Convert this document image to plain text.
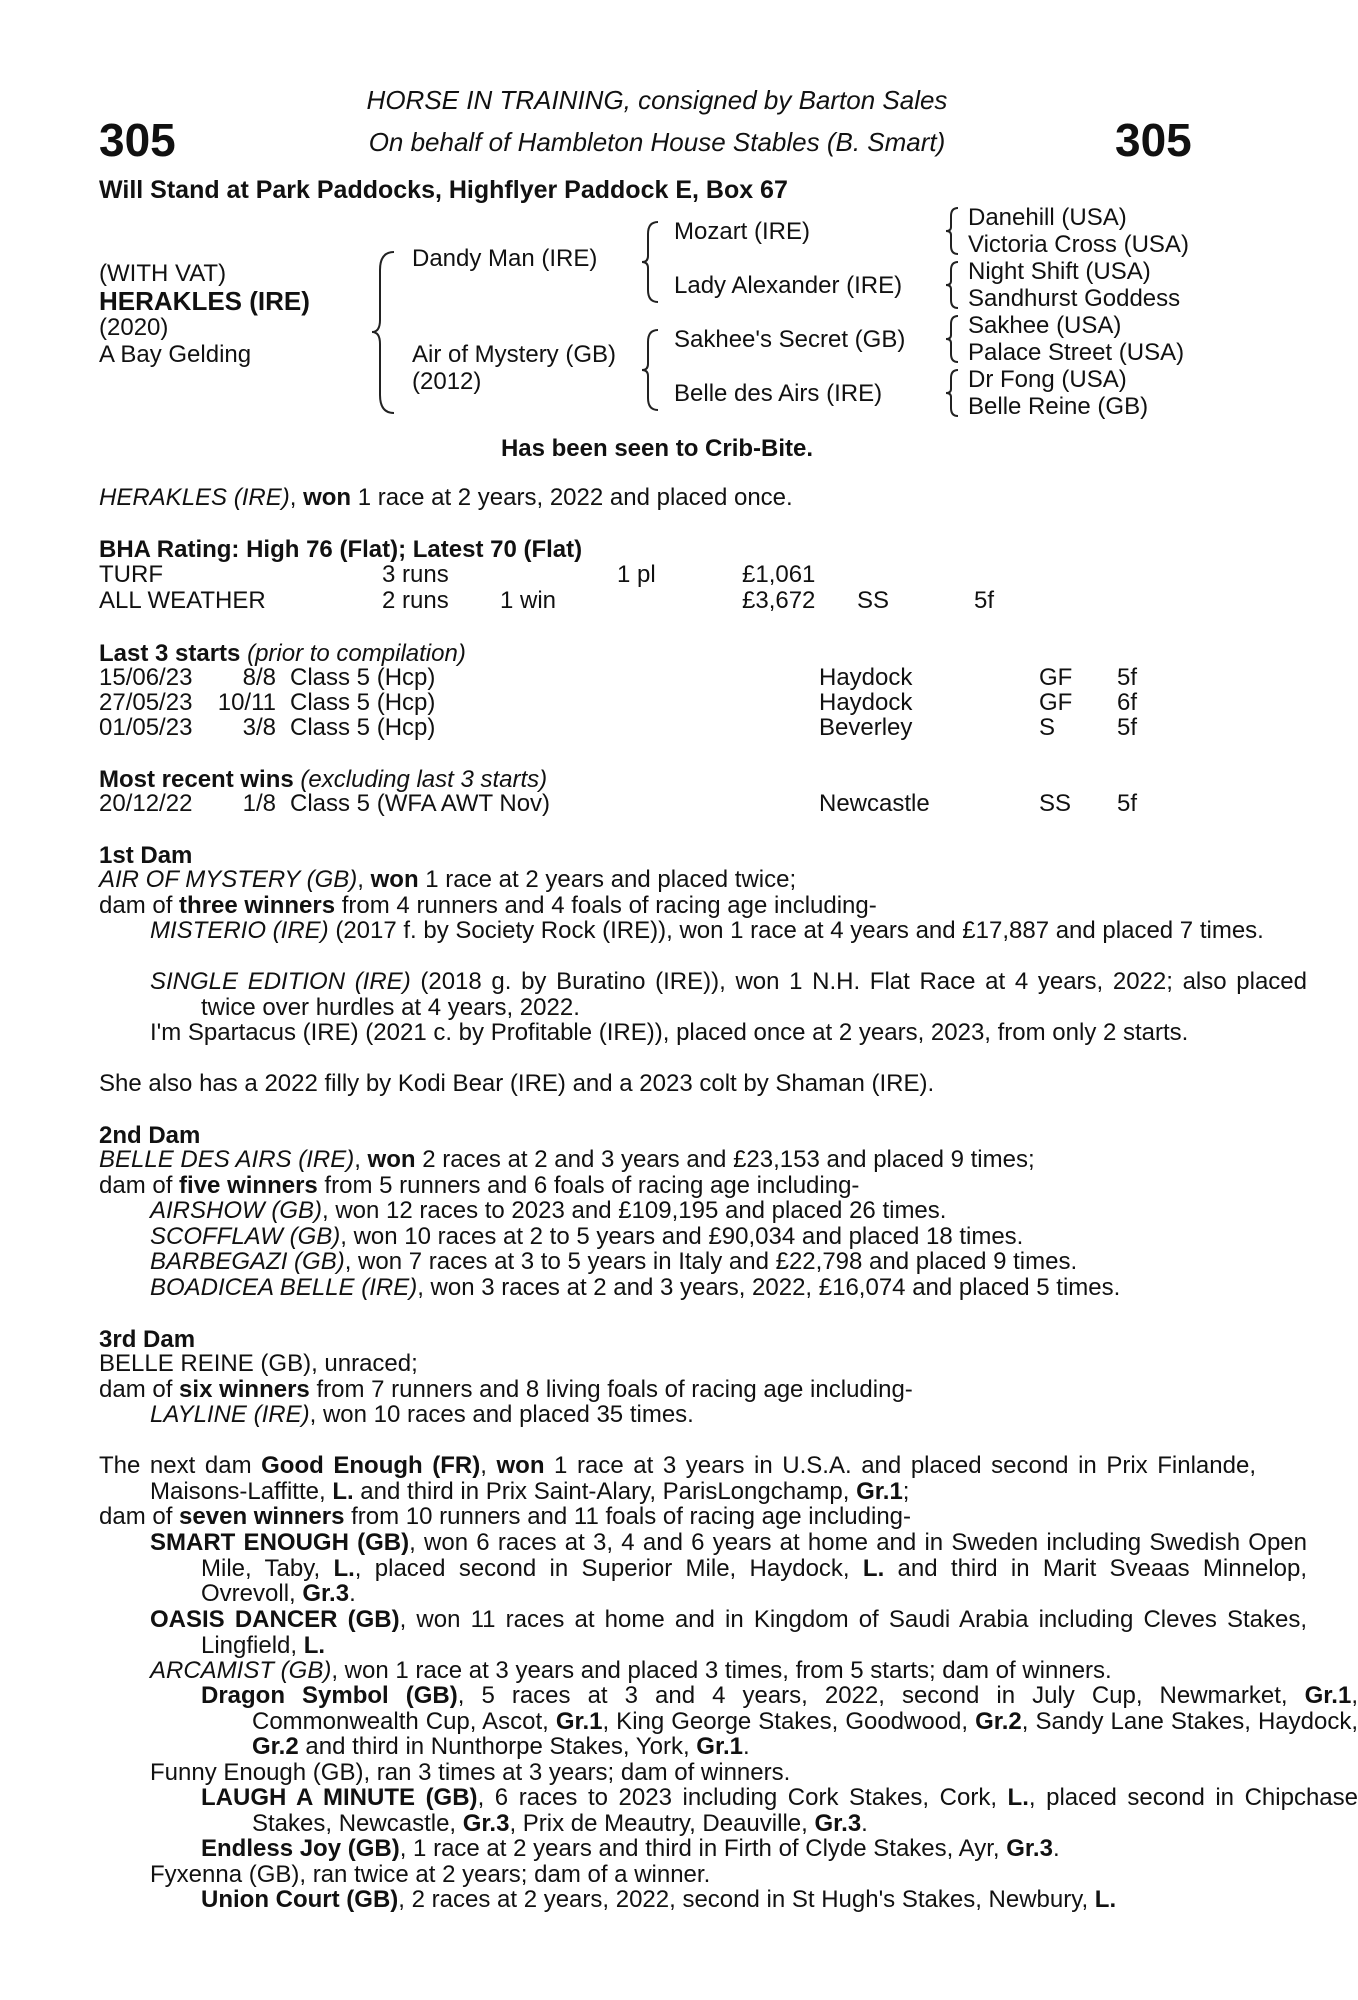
305	305
HORSE IN TRAINING, consigned by Barton Sales
On behalf of Hambleton House Stables (B. Smart)
Will Stand at Park Paddocks, Highflyer Paddock E, Box 67
(WITH VAT)
HERAKLES (IRE)
(2020)
A Bay Gelding
Dandy Man (IRE)
Air of Mystery (GB)
(2012)
Mozart (IRE)
Lady Alexander (IRE)
Sakhee's Secret (GB)
Belle des Airs (IRE)
Danehill (USA)
Victoria Cross (USA)
Night Shift (USA)
Sandhurst Goddess
Sakhee (USA)
Palace Street (USA)
Dr Fong (USA)
Belle Reine (GB)
Has been seen to Crib-Bite.
HERAKLES (IRE), won 1 race at 2 years, 2022 and placed once.
BHA Rating: High 76 (Flat); Latest 70 (Flat)
TURF	3 runs	1 pl	£1,061
ALL WEATHER	2 runs 1 win	£3,672 SS	5f
Last 3 starts (prior to compilation)
15/06/23	8/8 Class 5 (Hcp)	Haydock	GF 5f
27/05/23	10/11 Class 5 (Hcp)	Haydock	GF 6f
01/05/23	3/8 Class 5 (Hcp)	Beverley	S	5f
Most recent wins (excluding last 3 starts)
20/12/22	1/8 Class 5 (WFA AWT Nov)	Newcastle	SS 5f
1st Dam
AIR OF MYSTERY (GB), won 1 race at 2 years and placed twice;
dam of three winners from 4 runners and 4 foals of racing age including-
MISTERIO (IRE) (2017 f. by Society Rock (IRE)), won 1 race at 4 years and £17,887 and placed 7 times.
SINGLE EDITION (IRE) (2018 g. by Buratino (IRE)), won 1 N.H. Flat Race at 4 years, 2022; also placed twice over hurdles at 4 years, 2022.
I'm Spartacus (IRE) (2021 c. by Profitable (IRE)), placed once at 2 years, 2023, from only 2 starts.
She also has a 2022 filly by Kodi Bear (IRE) and a 2023 colt by Shaman (IRE).
2nd Dam
BELLE DES AIRS (IRE), won 2 races at 2 and 3 years and £23,153 and placed 9 times;
dam of five winners from 5 runners and 6 foals of racing age including-
AIRSHOW (GB), won 12 races to 2023 and £109,195 and placed 26 times.
SCOFFLAW (GB), won 10 races at 2 to 5 years and £90,034 and placed 18 times.
BARBEGAZI (GB), won 7 races at 3 to 5 years in Italy and £22,798 and placed 9 times.
BOADICEA BELLE (IRE), won 3 races at 2 and 3 years, 2022, £16,074 and placed 5 times.
3rd Dam
BELLE REINE (GB), unraced;
dam of six winners from 7 runners and 8 living foals of racing age including-
LAYLINE (IRE), won 10 races and placed 35 times.
The next dam Good Enough (FR), won 1 race at 3 years in U.S.A. and placed second in Prix Finlande, Maisons-Laffitte, L. and third in Prix Saint-Alary, ParisLongchamp, Gr.1;
dam of seven winners from 10 runners and 11 foals of racing age including-
SMART ENOUGH (GB), won 6 races at 3, 4 and 6 years at home and in Sweden including Swedish Open Mile, Taby, L., placed second in Superior Mile, Haydock, L. and third in Marit Sveaas Minnelop, Ovrevoll, Gr.3.
OASIS DANCER (GB), won 11 races at home and in Kingdom of Saudi Arabia including Cleves Stakes, Lingfield, L.
ARCAMIST (GB), won 1 race at 3 years and placed 3 times, from 5 starts; dam of winners.
Dragon Symbol (GB), 5 races at 3 and 4 years, 2022, second in July Cup, Newmarket, Gr.1, Commonwealth Cup, Ascot, Gr.1, King George Stakes, Goodwood, Gr.2, Sandy Lane Stakes, Haydock, Gr.2 and third in Nunthorpe Stakes, York, Gr.1.
Funny Enough (GB), ran 3 times at 3 years; dam of winners.
LAUGH A MINUTE (GB), 6 races to 2023 including Cork Stakes, Cork, L., placed second in Chipchase Stakes, Newcastle, Gr.3, Prix de Meautry, Deauville, Gr.3.
Endless Joy (GB), 1 race at 2 years and third in Firth of Clyde Stakes, Ayr, Gr.3.
Fyxenna (GB), ran twice at 2 years; dam of a winner.
Union Court (GB), 2 races at 2 years, 2022, second in St Hugh's Stakes, Newbury, L.
